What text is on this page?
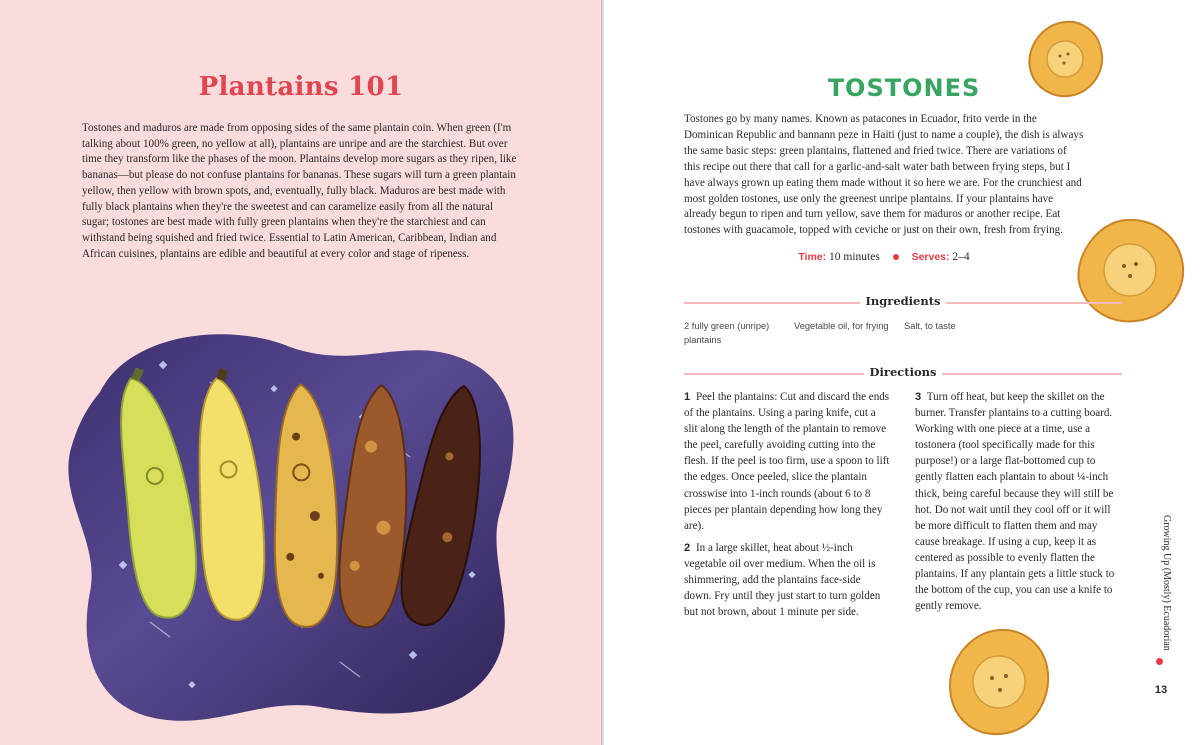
Plantains 101

Tostones and maduros are made from opposing sides of the same plantain coin. When green (I'm talking about 100% green, no yellow at all), plantains are unripe and are the starchiest. But over time they transform like the phases of the moon. Plantains develop more sugars as they ripen, like bananas—but please do not confuse plantains for bananas. These sugars will turn a green plantain yellow, then yellow with brown spots, and, eventually, fully black. Maduros are best made with fully black plantains when they're the sweetest and can caramelize easily from all the natural sugar; tostones are best made with fully green plantains when they're the starchiest and can withstand being squished and fried twice. Essential to Latin American, Caribbean, Indian and African cuisines, plantains are edible and beautiful at every color and stage of ripeness.

TOSTONES

Tostones go by many names. Known as patacones in Ecuador, frito verde in the Dominican Republic and bannann peze in Haiti (just to name a couple), the dish is always the same basic steps: green plantains, flattened and fried twice. There are variations of this recipe out there that call for a garlic-and-salt water bath between frying steps, but I have always grown up eating them made without it so here we are. For the crunchiest and most golden tostones, use only the greenest unripe plantains. If your plantains have already begun to ripen and turn yellow, save them for maduros or another recipe. Eat tostones with guacamole, topped with ceviche or just on their own, fresh from frying.

Time: 10 minutes	Serves: 2–4
Ingredients
2 fully green (unripe) plantains
Vegetable oil, for frying	Salt, to taste
Directions

1 Peel the plantains: Cut and discard the ends of the plantains. Using a paring knife, cut a slit along the length of the plantain to remove the peel, carefully avoiding cutting into the flesh. If the peel is too firm, use a spoon to lift the edges. Once peeled, slice the plantain crosswise into 1-inch rounds (about 6 to 8 pieces per plantain depending how long they are).

2 In a large skillet, heat about ½-inch vegetable oil over medium. When the oil is shimmering, add the plantains face-side down. Fry until they just start to turn golden but not brown, about 1 minute per side.

3 Turn off heat, but keep the skillet on the burner. Transfer plantains to a cutting board. Working with one piece at a time, use a tostonera (tool specifically made for this purpose!) or a large flat-bottomed cup to gently flatten each plantain to about ¼-inch thick, being careful because they will still be hot. Do not wait until they cool off or it will be more difficult to flatten them and may cause breakage. If using a cup, keep it as centered as possible to evenly flatten the plantains. If any plantain gets a little stuck to the bottom of the cup, you can use a knife to gently remove.	Growing Up (Mostly) Ecuadorian
13
